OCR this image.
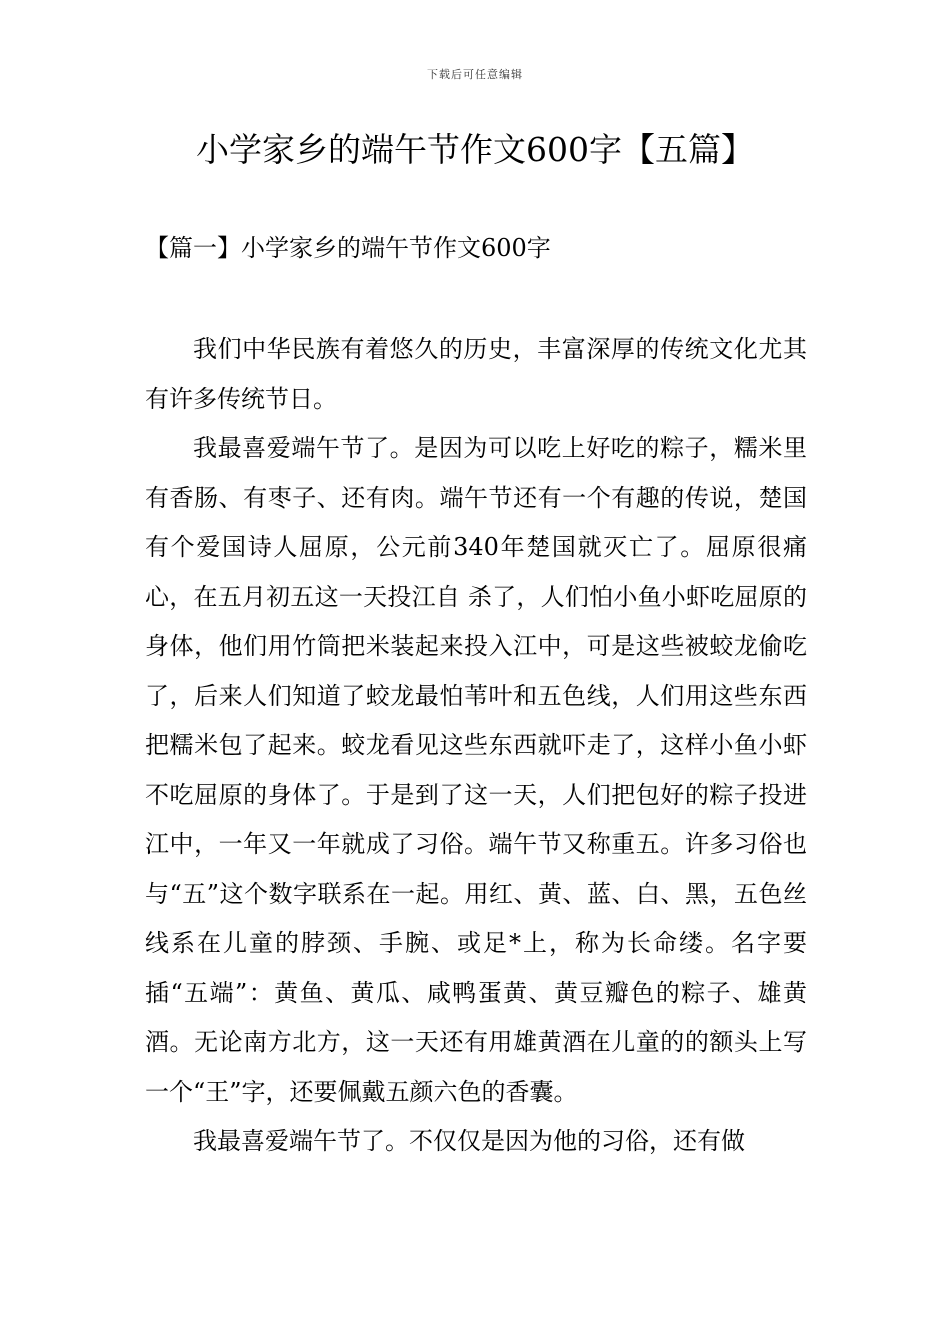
下载后可任意编辑
小学家乡的端午节作文600字【五篇】
【篇一】小学家乡的端午节作文600字

我们中华民族有着悠久的历史，丰富深厚的传统文化尤其有许多传统节日。

我最喜爱端午节了。是因为可以吃上好吃的粽子，糯米里有香肠、有枣子、还有肉。端午节还有一个有趣的传说，楚国有个爱国诗人屈原，公元前340年楚国就灭亡了。屈原很痛心，在五月初五这一天投江自 杀了，人们怕小鱼小虾吃屈原的身体，他们用竹筒把米装起来投入江中，可是这些被蛟龙偷吃了，后来人们知道了蛟龙最怕苇叶和五色线，人们用这些东西把糯米包了起来。蛟龙看见这些东西就吓走了，这样小鱼小虾不吃屈原的身体了。于是到了这一天，人们把包好的粽子投进江中，一年又一年就成了习俗。端午节又称重五。许多习俗也与“五”这个数字联系在一起。用红、黄、蓝、白、黑，五色丝线系在儿童的脖颈、手腕、或足*上，称为长命缕。名字要插“五端”：黄鱼、黄瓜、咸鸭蛋黄、黄豆瓣色的粽子、雄黄酒。无论南方北方，这一天还有用雄黄酒在儿童的的额头上写一个“王”字，还要佩戴五颜六色的香囊。

我最喜爱端午节了。不仅仅是因为他的习俗，还有做
